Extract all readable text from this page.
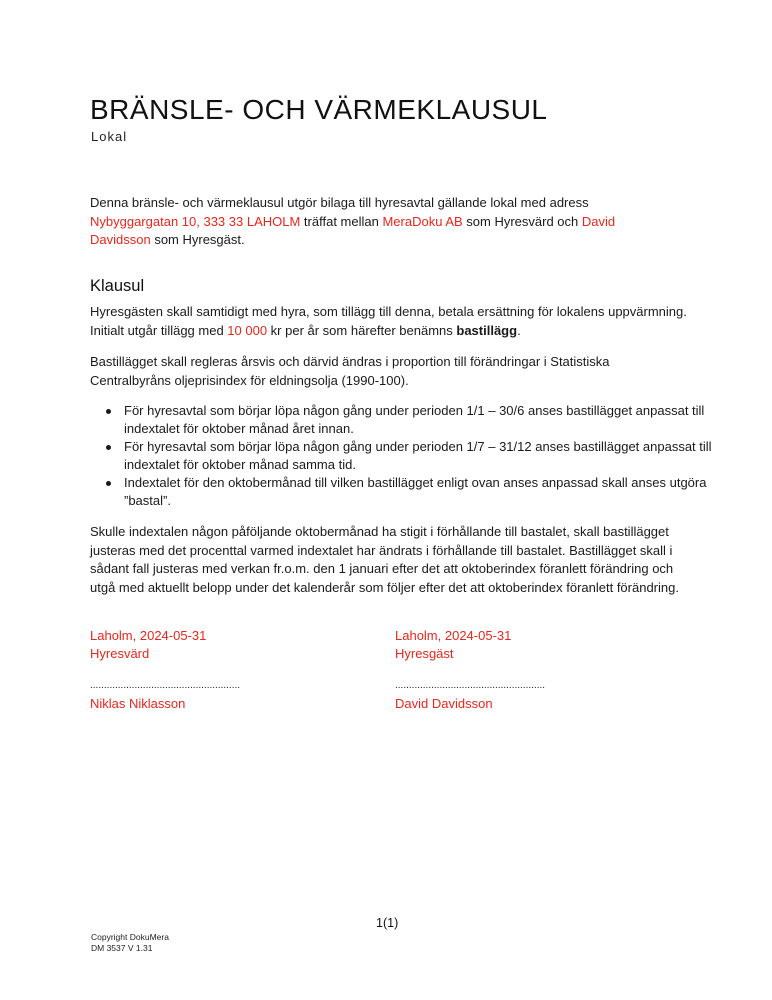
BRÄNSLE- OCH VÄRMEKLAUSUL
Lokal
Denna bränsle- och värmeklausul utgör bilaga till hyresavtal gällande lokal med adress
Nybyggargatan 10, 333 33 LAHOLM träffat mellan MeraDoku AB som Hyresvärd och David
Davidsson som Hyresgäst.
Klausul
Hyresgästen skall samtidigt med hyra, som tillägg till denna, betala ersättning för lokalens uppvärmning. Initialt utgår tillägg med 10 000 kr per år som härefter benämns bastillägg.
Bastillägget skall regleras årsvis och därvid ändras i proportion till förändringar i Statistiska Centralbyråns oljeprisindex för eldningsolja (1990-100).
För hyresavtal som börjar löpa någon gång under perioden 1/1 – 30/6 anses bastillägget anpassat till indextalet för oktober månad året innan.
För hyresavtal som börjar löpa någon gång under perioden 1/7 – 31/12 anses bastillägget anpassat till indextalet för oktober månad samma tid.
Indextalet för den oktobermånad till vilken bastillägget enligt ovan anses anpassad skall anses utgöra ”bastal”.
Skulle indextalen någon påföljande oktobermånad ha stigit i förhållande till bastalet, skall bastillägget justeras med det procenttal varmed indextalet har ändrats i förhållande till bastalet. Bastillägget skall i sådant fall justeras med verkan fr.o.m. den 1 januari efter det att oktoberindex föranlett förändring och utgå med aktuellt belopp under det kalenderår som följer efter det att oktoberindex föranlett förändring.
Laholm, 2024-05-31
Hyresvärd
......................................................
Niklas Niklasson
Laholm, 2024-05-31
Hyresgäst
......................................................
David Davidsson
1(1)
Copyright DokuMera
DM 3537 V 1.31
